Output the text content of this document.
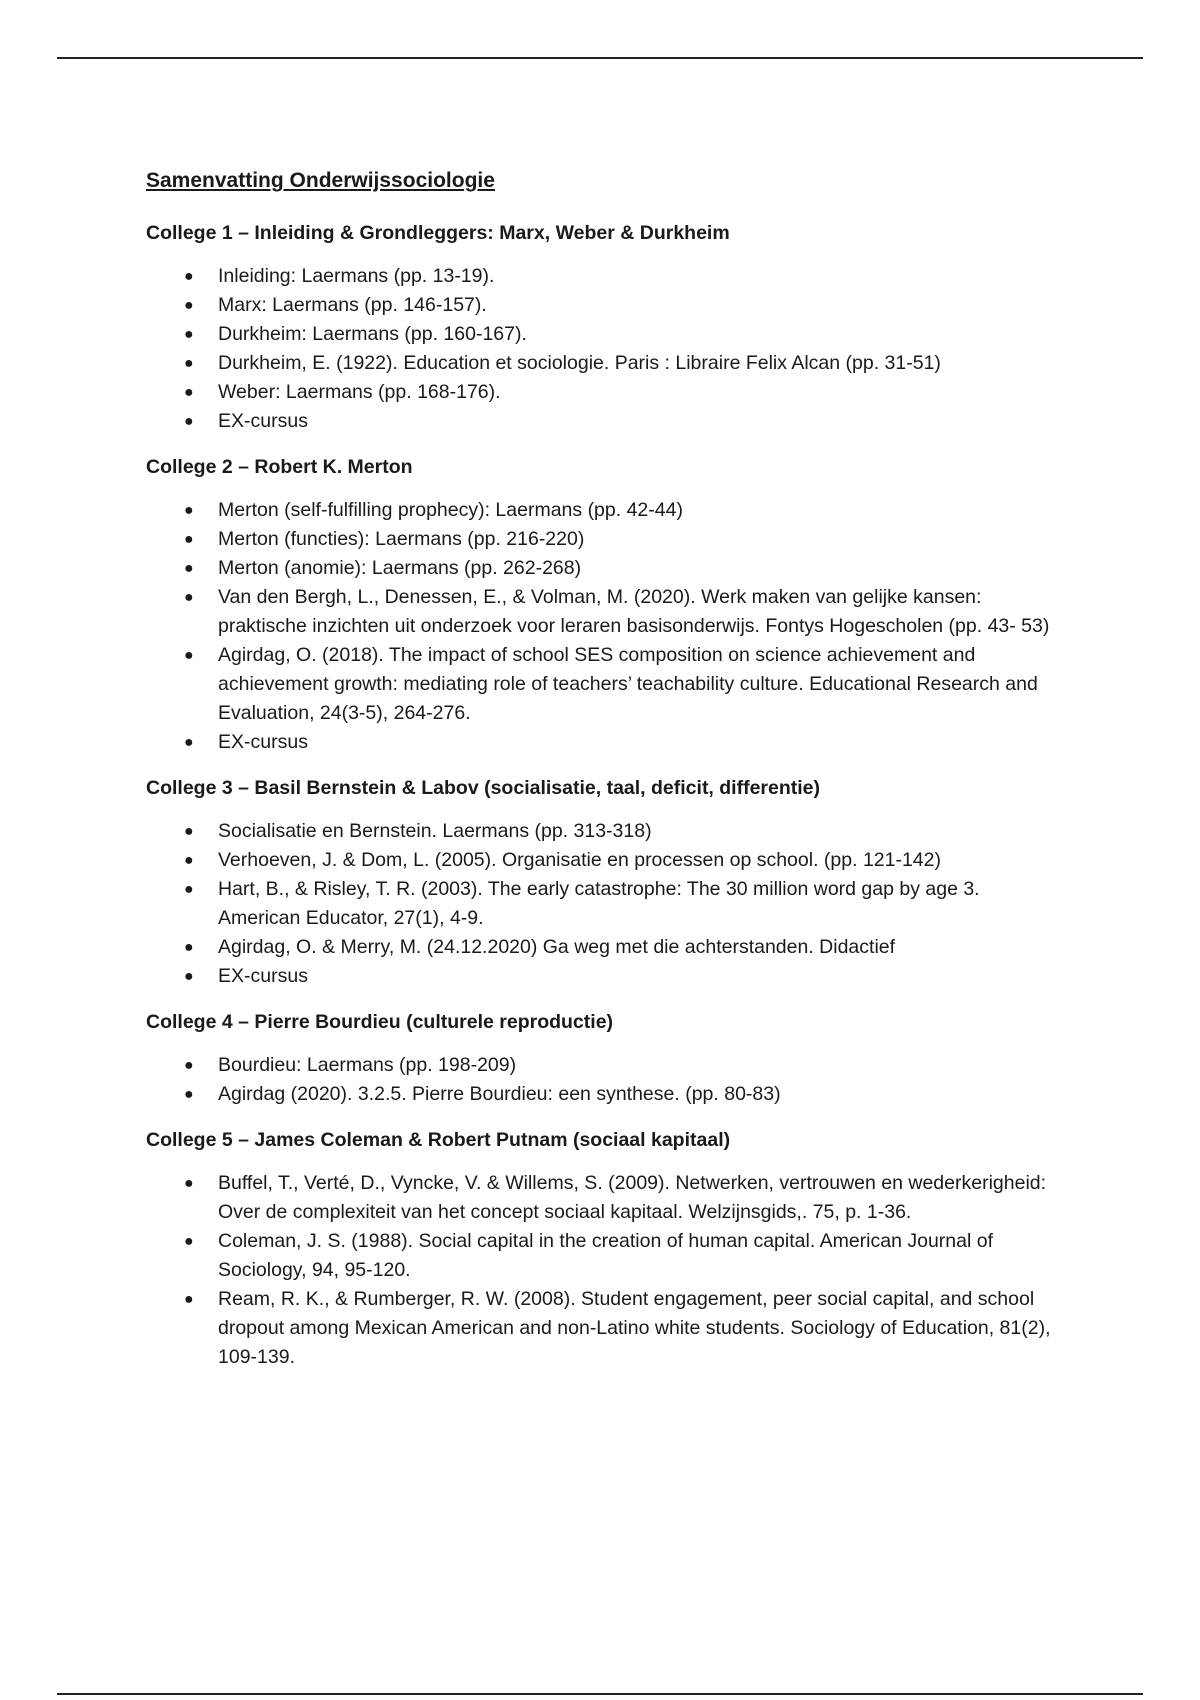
Samenvatting Onderwijssociologie
College 1 – Inleiding & Grondleggers: Marx, Weber & Durkheim
● Inleiding: Laermans (pp. 13-19).
● Marx: Laermans (pp. 146-157).
● Durkheim: Laermans (pp. 160-167).
● Durkheim, E. (1922). Education et sociologie. Paris : Libraire Felix Alcan (pp. 31-51)
● Weber: Laermans (pp. 168-176).
● EX-cursus
College 2 – Robert K. Merton
● Merton (self-fulfilling prophecy): Laermans (pp. 42-44)
● Merton (functies): Laermans (pp. 216-220)
● Merton (anomie): Laermans (pp. 262-268)
● Van den Bergh, L., Denessen, E., & Volman, M. (2020). Werk maken van gelijke kansen: praktische inzichten uit onderzoek voor leraren basisonderwijs. Fontys Hogescholen (pp. 43- 53)
● Agirdag, O. (2018). The impact of school SES composition on science achievement and achievement growth: mediating role of teachers’ teachability culture. Educational Research and Evaluation, 24(3-5), 264-276.
● EX-cursus
College 3 – Basil Bernstein & Labov (socialisatie, taal, deficit, differentie)
● Socialisatie en Bernstein. Laermans (pp. 313-318)
● Verhoeven, J. & Dom, L. (2005). Organisatie en processen op school. (pp. 121-142)
● Hart, B., & Risley, T. R. (2003). The early catastrophe: The 30 million word gap by age 3. American Educator, 27(1), 4-9.
● Agirdag, O. & Merry, M. (24.12.2020) Ga weg met die achterstanden. Didactief
● EX-cursus
College 4 – Pierre Bourdieu (culturele reproductie)
● Bourdieu: Laermans (pp. 198-209)
● Agirdag (2020). 3.2.5. Pierre Bourdieu: een synthese. (pp. 80-83)
College 5 – James Coleman & Robert Putnam (sociaal kapitaal)
● Buffel, T., Verté, D., Vyncke, V. & Willems, S. (2009). Netwerken, vertrouwen en wederkerigheid: Over de complexiteit van het concept sociaal kapitaal. Welzijnsgids,. 75, p. 1-36.
● Coleman, J. S. (1988). Social capital in the creation of human capital. American Journal of Sociology, 94, 95-120.
● Ream, R. K., & Rumberger, R. W. (2008). Student engagement, peer social capital, and school dropout among Mexican American and non-Latino white students. Sociology of Education, 81(2), 109-139.
